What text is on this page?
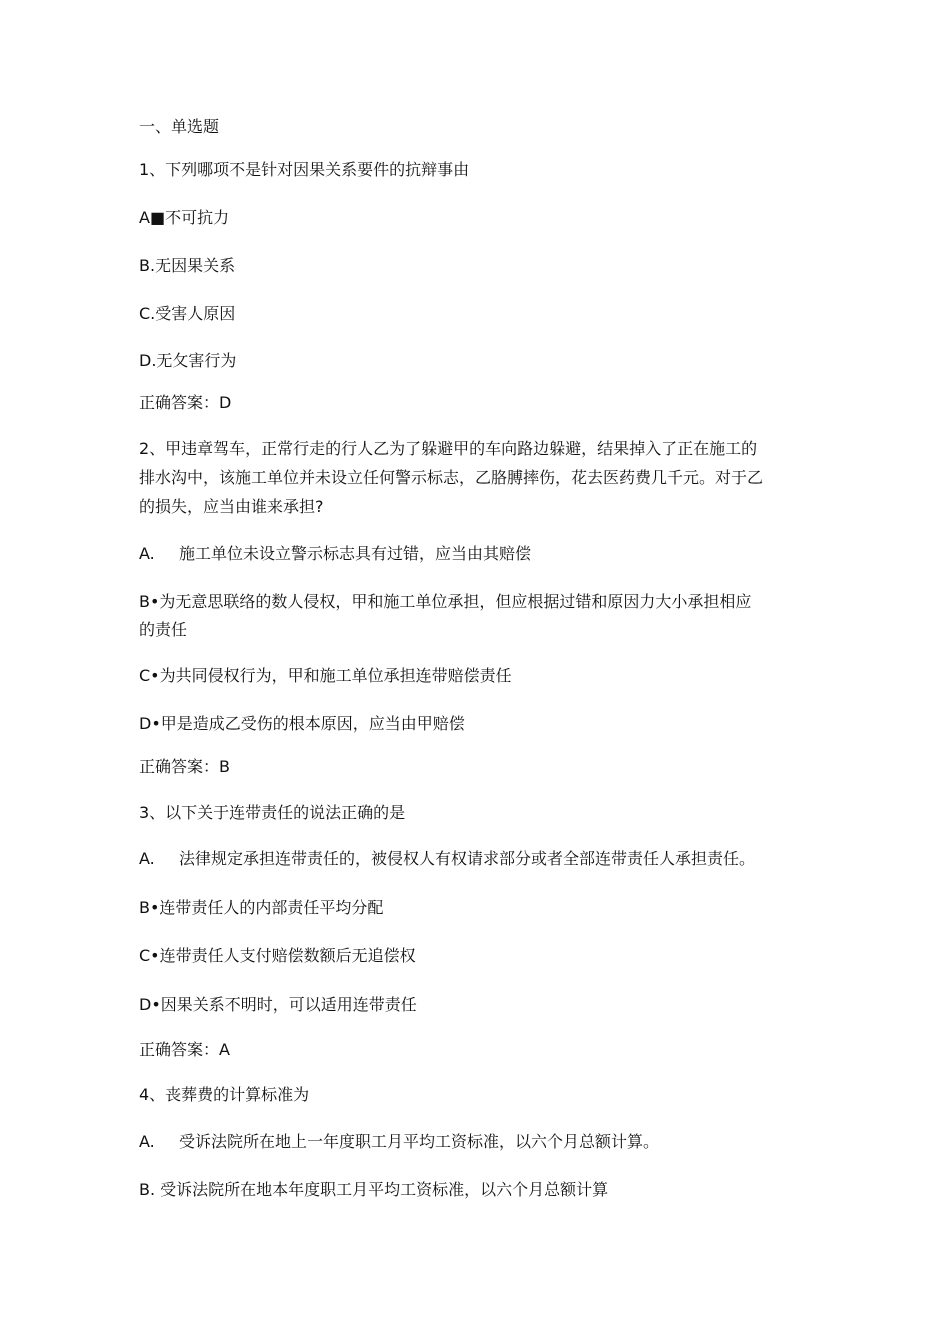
一、单选题
1、下列哪项不是针对因果关系要件的抗辩事由
A■不可抗力
B.无因果关系
C.受害人原因
D.无攵害行为
正确答案：D
2、甲违章驾车，正常行走的行人乙为了躲避甲的车向路边躲避，结果掉入了正在施工的
排水沟中，该施工单位并未设立任何警示标志，乙胳膊摔伤，花去医药费几千元。对于乙
的损失，应当由谁来承担?
A. 施工单位未设立警示标志具有过错，应当由其赔偿
B•为无意思联络的数人侵权，甲和施工单位承担，但应根据过错和原因力大小承担相应
的责任
C•为共同侵权行为，甲和施工单位承担连带赔偿责任
D•甲是造成乙受伤的根本原因，应当由甲赔偿
正确答案：B
3、以下关于连带责任的说法正确的是
A. 法律规定承担连带责任的，被侵权人有权请求部分或者全部连带责任人承担责任。
B•连带责任人的内部责任平均分配
C•连带责任人支付赔偿数额后无追偿权
D•因果关系不明时，可以适用连带责任
正确答案：A
4、丧葬费的计算标准为
A. 受诉法院所在地上一年度职工月平均工资标准，以六个月总额计算。
B. 受诉法院所在地本年度职工月平均工资标准，以六个月总额计算
